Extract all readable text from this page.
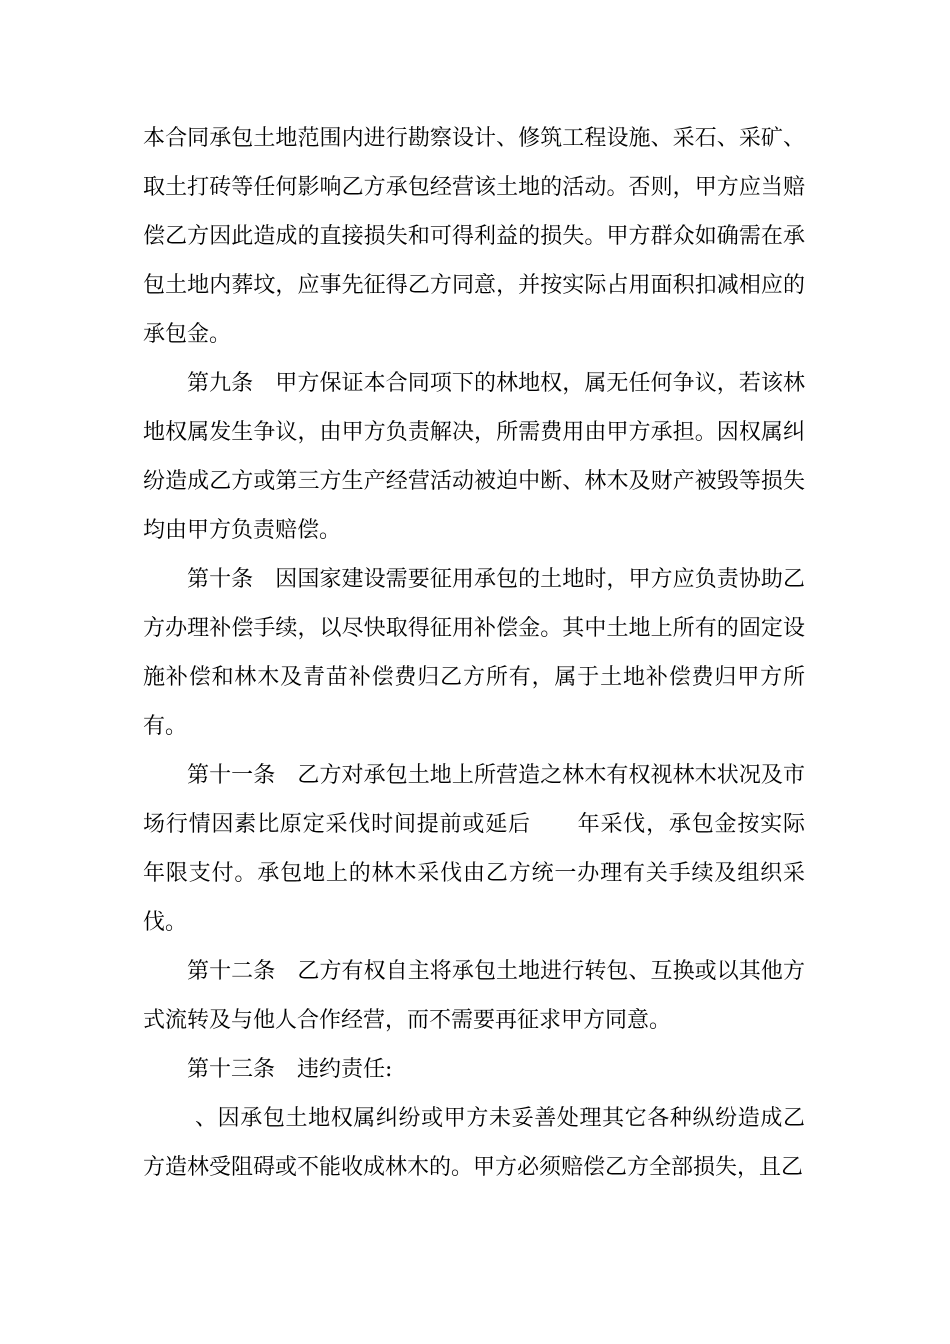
本合同承包土地范围内进行勘察设计、修筑工程设施、采石、采矿、取土打砖等任何影响乙方承包经营该土地的活动。否则，甲方应当赔偿乙方因此造成的直接损失和可得利益的损失。甲方群众如确需在承包土地内葬坟，应事先征得乙方同意，并按实际占用面积扣减相应的承包金。

第九条 甲方保证本合同项下的林地权，属无任何争议，若该林地权属发生争议，由甲方负责解决，所需费用由甲方承担。因权属纠纷造成乙方或第三方生产经营活动被迫中断、林木及财产被毁等损失均由甲方负责赔偿。

第十条 因国家建设需要征用承包的土地时，甲方应负责协助乙方办理补偿手续，以尽快取得征用补偿金。其中土地上所有的固定设施补偿和林木及青苗补偿费归乙方所有，属于土地补偿费归甲方所有。

第十一条 乙方对承包土地上所营造之林木有权视林木状况及市场行情因素比原定采伐时间提前或延后 年采伐，承包金按实际年限支付。承包地上的林木采伐由乙方统一办理有关手续及组织采伐。

第十二条 乙方有权自主将承包土地进行转包、互换或以其他方式流转及与他人合作经营，而不需要再征求甲方同意。

第十三条 违约责任:

、因承包土地权属纠纷或甲方未妥善处理其它各种纵纷造成乙方造林受阻碍或不能收成林木的。甲方必须赔偿乙方全部损失，且乙
